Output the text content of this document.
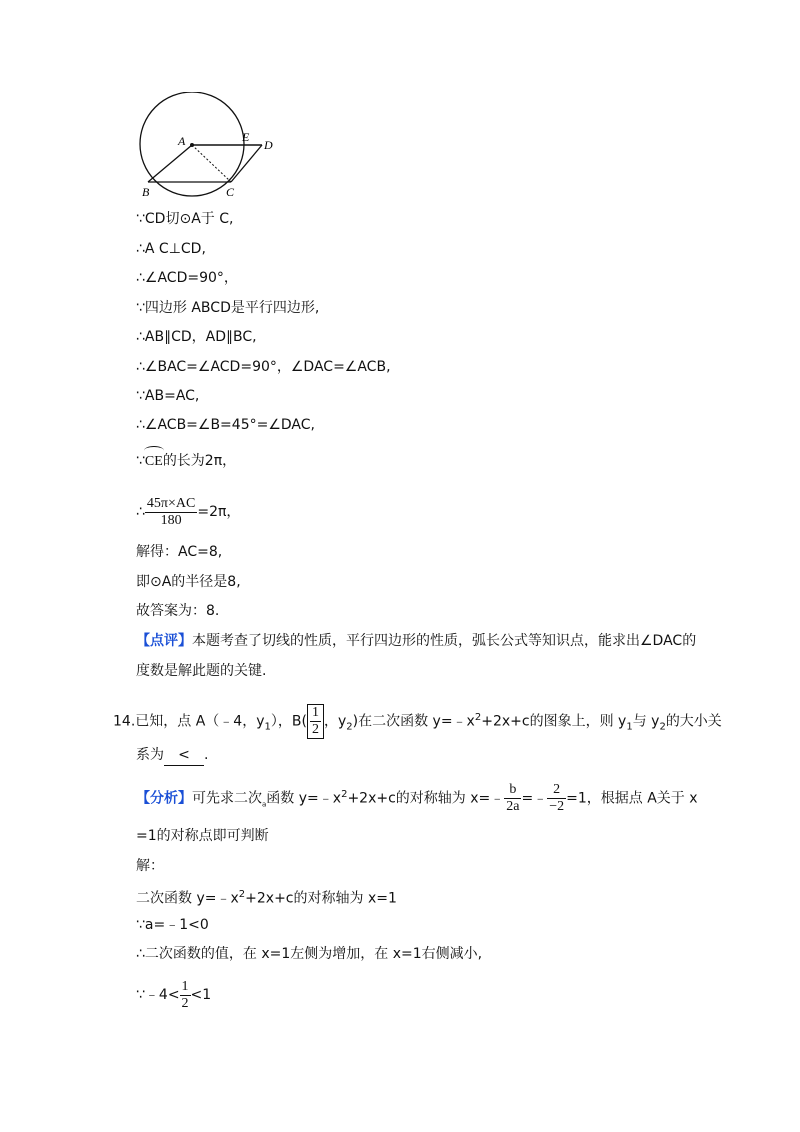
A	E
D
B	C
∵CD切⊙A于 C,
∴A C⊥CD,
∴∠ACD=90°，
∵四边形 ABCD是平行四边形,
∴AB∥CD，AD∥BC,
∴∠BAC=∠ACD=90°，∠DAC=∠ACB,
∵AB=AC,
∴∠ACB=∠B=45°=∠DAC,
∵CE的长为2π，
∴ $\frac{45\pi\times AC}{180} =2\pi$，
解得：AC=8,
即⊙A的半径是8,
故答案为：8.
【点评】本题考查了切线的性质，平行四边形的性质，弧长公式等知识点，能求出∠DAC的
度数是解此题的关键.
14.已知，点 A（﹣4，$y_1$），$B( \frac{1}{2}$ ，$y_2$)在二次函数 $y=﹣x^2+2x+c$的图象上，则 $y_1$与 $y_2$的大小关
系为 < .
【分析】可先求二次$_a$函数 $y=﹣x^2+2x+c$的对称轴为 x=﹣ $\frac{b}{2a}$ =﹣ $\frac{2}{-2} =1$，根据点 A关于 x
=1的对称点即可判断
解：
二次函数 $y=﹣x^2+2x+c$的对称轴为 x=1
∵a=﹣1<0
∴二次函数的值，在 x=1左侧为增加，在 x=1右侧减小,
∵﹣4< $\frac{1}{2} <1$
